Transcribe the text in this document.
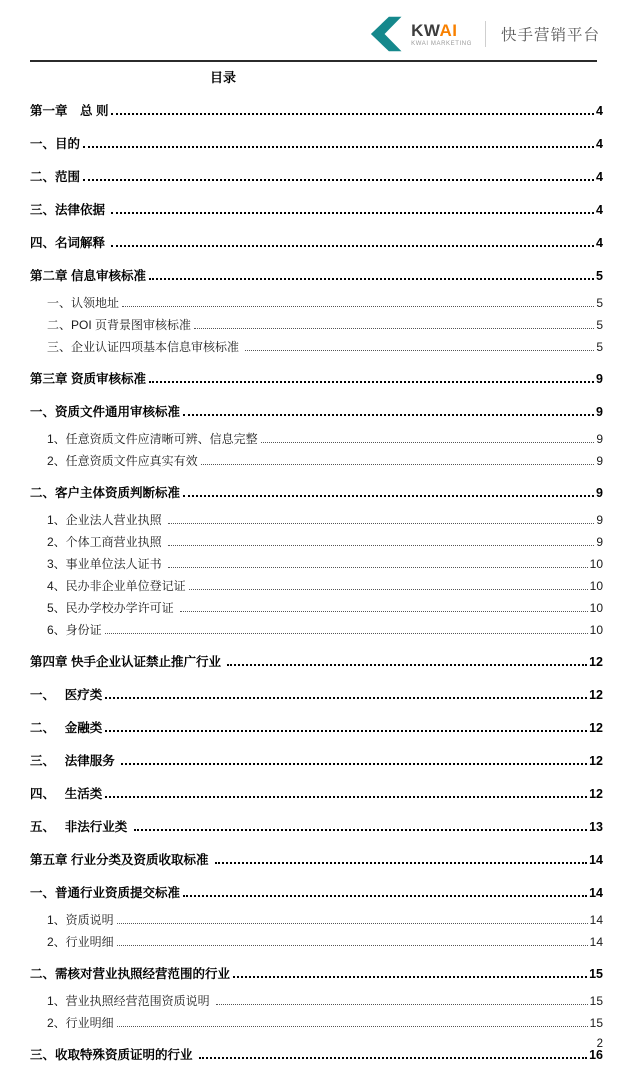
KWAI
KWAI MARKETING 快手营销平台
目录
第一章　总 则	4
一、目的	4
二、范围	4
三、法律依据	4
四、名词解释	4
第二章 信息审核标准	5
一、认领地址	5
二、POI 页背景图审核标准	5
三、企业认证四项基本信息审核标准	5
第三章 资质审核标准	9
一、资质文件通用审核标准	9
1、任意资质文件应清晰可辨、信息完整	9
2、任意资质文件应真实有效	9
二、客户主体资质判断标准	9
1、企业法人营业执照	9
2、个体工商营业执照	9
3、事业单位法人证书	10
4、民办非企业单位登记证	10
5、民办学校办学许可证	10
6、身份证	10
第四章 快手企业认证禁止推广行业	12
一、　 医疗类	12
二、　 金融类	12
三、　 法律服务	12
四、　 生活类	12
五、　 非法行业类	13
第五章 行业分类及资质收取标准	14
一、普通行业资质提交标准	14
1、资质说明	14
2、行业明细	14
二、需核对营业执照经营范围的行业	15
1、营业执照经营范围资质说明	15
2、行业明细	15
三、收取特殊资质证明的行业	16
2
